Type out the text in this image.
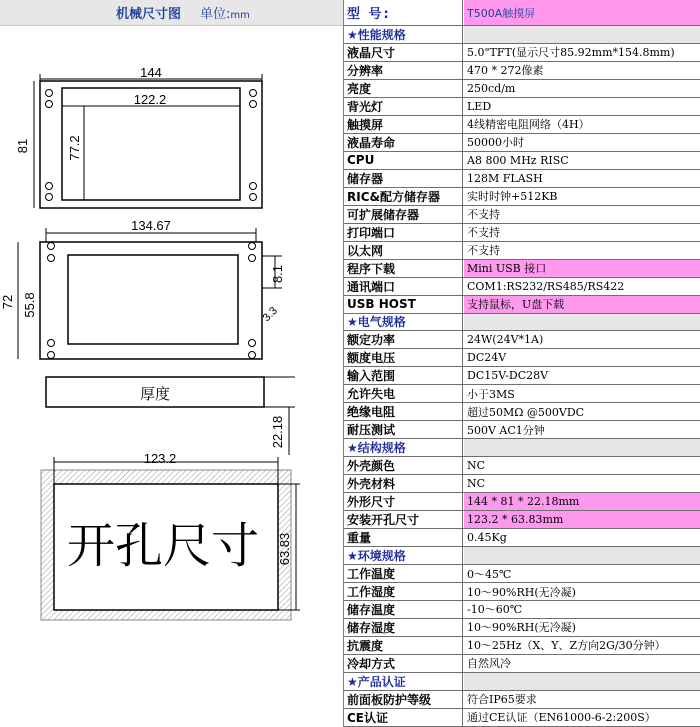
机械尺寸图 单位:mm
144
122.2
81	77.2
134.67
72 55.8
8.1
3.3
厚度
22.18
123.2
开孔尺寸 63.83
型 号:	T500A触摸屏
★性能规格
液晶尺寸	5.0"TFT(显示尺寸85.92mm*154.8mm)
分辨率	470 * 272像素
亮度	250cd/m
背光灯	LED
触摸屏	4线精密电阻网络（4H）
液晶寿命	50000小时
CPU	A8 800 MHz RISC
储存器	128M FLASH
RIC&配方储存器	实时时钟+512KB
可扩展储存器	不支持
打印端口	不支持
以太网	不支持
程序下载	Mini USB 接口
通讯端口	COM1:RS232/RS485/RS422
USB HOST	支持鼠标，U盘下载
★电气规格
额定功率	24W(24V*1A)
额度电压	DC24V
输入范围	DC15V-DC28V
允许失电	小于3MS
绝缘电阻	超过50MΩ @500VDC
耐压测试	500V AC1分钟
★结构规格
外壳颜色	NC
外壳材料	NC
外形尺寸	144 * 81 * 22.18mm
安装开孔尺寸	123.2 * 63.83mm
重量	0.45Kg
★环境规格
工作温度	0～45℃
工作湿度	10～90%RH(无冷凝)
储存温度	-10～60℃
储存湿度	10～90%RH(无冷凝)
抗震度	10～25Hz（X、Y、Z方向2G/30分钟）
冷却方式	自然风冷
★产品认证
前面板防护等级	符合IP65要求
CE认证	通过CE认证（EN61000-6-2:200S）
